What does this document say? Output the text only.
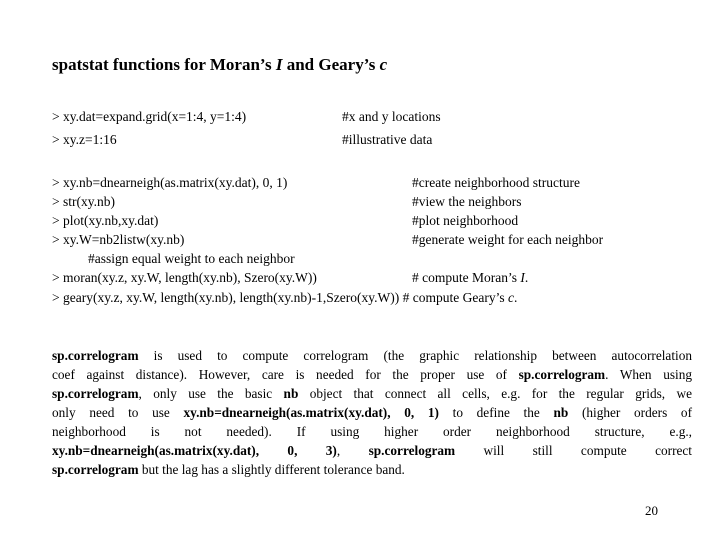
spatstat functions for Moran’s I and Geary’s c
> xy.dat=expand.grid(x=1:4, y=1:4)	#x and y locations
> xy.z=1:16	#illustrative data
> xy.nb=dnearneigh(as.matrix(xy.dat), 0, 1)	#create neighborhood structure
> str(xy.nb)	#view the neighbors
> plot(xy.nb,xy.dat)	#plot neighborhood
> xy.W=nb2listw(xy.nb)	#generate weight for each neighbor
#assign equal weight to each neighbor
> moran(xy.z, xy.W, length(xy.nb), Szero(xy.W))	# compute Moran’s I.
> geary(xy.z, xy.W, length(xy.nb), length(xy.nb)-1,Szero(xy.W)) # compute Geary’s c.
sp.correlogram is used to compute correlogram (the graphic relationship between autocorrelation
coef against distance). However, care is needed for the proper use of sp.correlogram. When using
sp.correlogram, only use the basic nb object that connect all cells, e.g. for the regular grids, we
only need to use xy.nb=dnearneigh(as.matrix(xy.dat), 0, 1) to define the nb (higher orders of
neighborhood is not needed). If using higher order neighborhood structure, e.g.,
xy.nb=dnearneigh(as.matrix(xy.dat), 0, 3), sp.correlogram will still compute correct
sp.correlogram but the lag has a slightly different tolerance band.
20
